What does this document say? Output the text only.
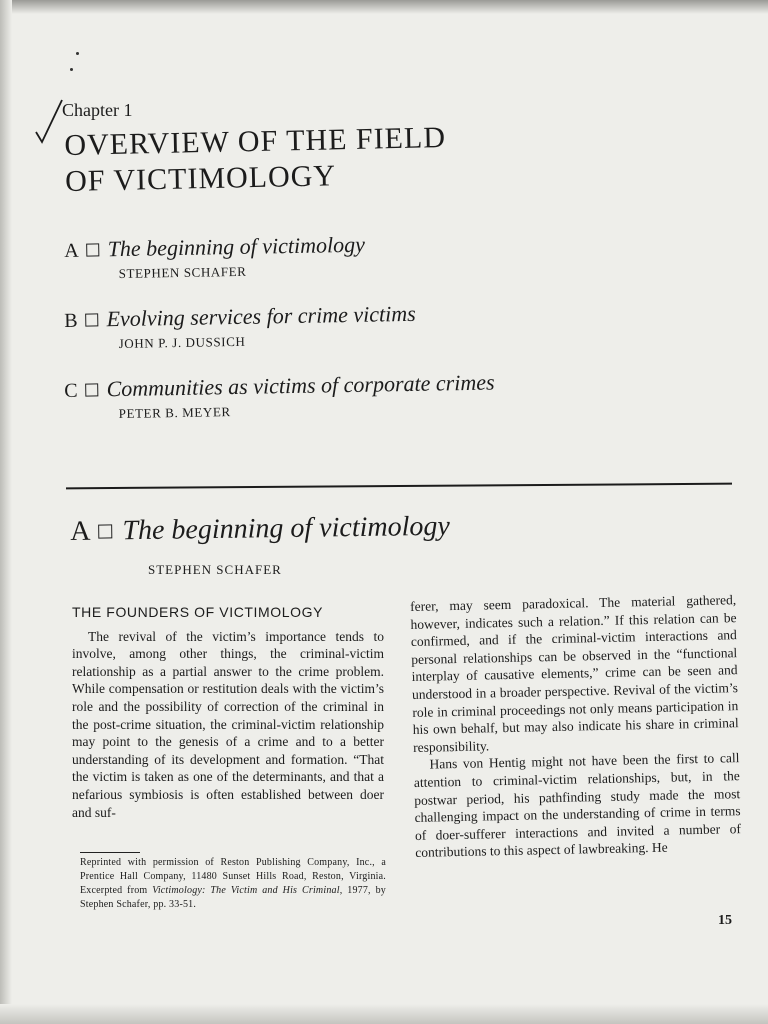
Chapter 1
OVERVIEW OF THE FIELD
OF VICTIMOLOGY
A The beginning of victimology
STEPHEN SCHAFER
B Evolving services for crime victims
JOHN P. J. DUSSICH
C Communities as victims of corporate crimes
PETER B. MEYER
A The beginning of victimology
STEPHEN SCHAFER
THE FOUNDERS OF VICTIMOLOGY

The revival of the victim’s importance tends to involve, among other things, the criminal-victim relationship as a partial answer to the crime problem. While compensation or restitution deals with the victim’s role and the possibility of correction of the criminal in the post-crime situation, the criminal-victim relationship may point to the genesis of a crime and to a better understanding of its development and formation. “That the victim is taken as one of the determinants, and that a nefarious symbiosis is often established between doer and suf-

ferer, may seem paradoxical. The material gathered, however, indicates such a relation.” If this relation can be confirmed, and if the criminal-victim interactions and personal relationships can be observed in the “functional interplay of causative elements,” crime can be seen and understood in a broader perspective. Revival of the victim’s role in criminal proceedings not only means participation in his own behalf, but may also indicate his share in criminal responsibility.

Hans von Hentig might not have been the first to call attention to criminal-victim relationships, but, in the postwar period, his pathfinding study made the most challenging impact on the understanding of crime in terms of doer-sufferer interactions and invited a number of contributions to this aspect of lawbreaking. He

Reprinted with permission of Reston Publishing Company, Inc., a Prentice Hall Company, 11480 Sunset Hills Road, Reston, Virginia. Excerpted from Victimology: The Victim and His Criminal, 1977, by Stephen Schafer, pp. 33-51.
15
